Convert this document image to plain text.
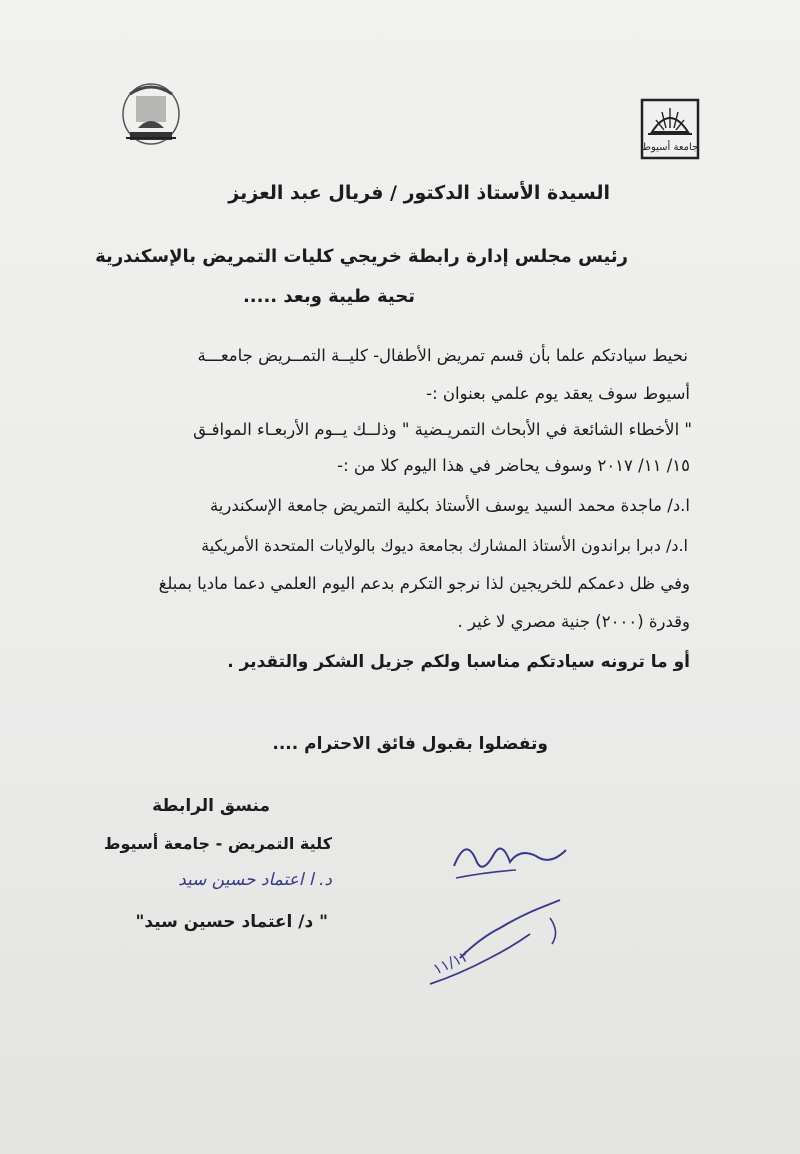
جامعة أسيوط
السيدة الأستاذ الدكتور / فريال عبد العزيز
رئيس مجلس إدارة رابطة خريجي كليات التمريض بالإسكندرية
تحية طيبة وبعد .....
نحيط سيادتكم علما بأن قسم تمريض الأطفال- كليــة التمــريض جامعـــة
أسيوط سوف يعقد يوم علمي بعنوان :-
" الأخطاء الشائعة في الأبحاث التمريـضية " وذلــك يــوم الأربعـاء الموافـق
١٥/ ١١/ ٢٠١٧ وسوف يحاضر في هذا اليوم كلا من :-
ا.د/ ماجدة محمد السيد يوسف الأستاذ بكلية التمريض جامعة الإسكندرية
ا.د/ دبرا براندون الأستاذ المشارك بجامعة ديوك بالولايات المتحدة الأمريكية
وفي ظل دعمكم للخريجين لذا نرجو التكرم بدعم اليوم العلمي دعما ماديا بمبلغ
وقدرة (٢٠٠٠) جنية مصري لا غير .
أو ما ترونه سيادتكم مناسبا ولكم جزيل الشكر والتقدير .
وتفضلوا بقبول فائق الاحترام ....
منسق الرابطة
كلية التمريض - جامعة أسيوط
د. ا اعتماد حسين سيد
" د/ اعتماد حسين سيد"
١١/١٢
